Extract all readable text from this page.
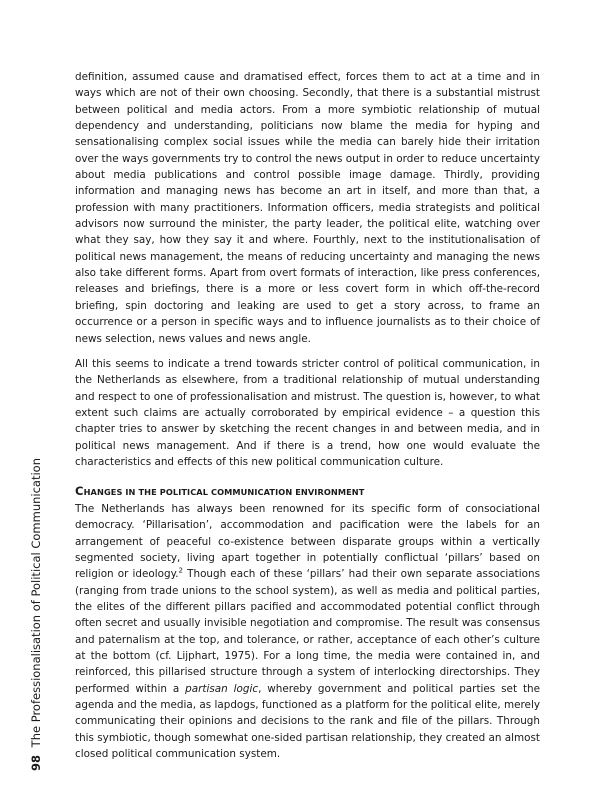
98 The Professionalisation of Political Communication

definition, assumed cause and dramatised effect, forces them to act at a time and in ways which are not of their own choosing. Secondly, that there is a substantial mistrust between political and media actors. From a more symbiotic relationship of mutual dependency and understanding, politicians now blame the media for hyping and sensationalising complex social issues while the media can barely hide their irritation over the ways governments try to control the news output in order to reduce uncertainty about media publications and control possible image damage. Thirdly, providing information and managing news has become an art in itself, and more than that, a profession with many practitioners. Information officers, media strategists and political advisors now surround the minister, the party leader, the political elite, watching over what they say, how they say it and where. Fourthly, next to the institutionalisation of political news management, the means of reducing uncertainty and managing the news also take different forms. Apart from overt formats of interaction, like press conferences, releases and briefings, there is a more or less covert form in which off-the-record briefing, spin doctoring and leaking are used to get a story across, to frame an occurrence or a person in specific ways and to influence journalists as to their choice of news selection, news values and news angle.

All this seems to indicate a trend towards stricter control of political communication, in the Netherlands as elsewhere, from a traditional relationship of mutual understanding and respect to one of professionalisation and mistrust. The question is, however, to what extent such claims are actually corroborated by empirical evidence – a question this chapter tries to answer by sketching the recent changes in and between media, and in political news management. And if there is a trend, how one would evaluate the characteristics and effects of this new political communication culture.

CHANGES IN THE POLITICAL COMMUNICATION ENVIRONMENT

The Netherlands has always been renowned for its specific form of consociational democracy. ‘Pillarisation’, accommodation and pacification were the labels for an arrangement of peaceful co-existence between disparate groups within a vertically segmented society, living apart together in potentially conflictual ‘pillars’ based on religion or ideology.$^2$ Though each of these ‘pillars’ had their own separate associations (ranging from trade unions to the school system), as well as media and political parties, the elites of the different pillars pacified and accommodated potential conflict through often secret and usually invisible negotiation and compromise. The result was consensus and paternalism at the top, and tolerance, or rather, acceptance of each other’s culture at the bottom (cf. Lijphart, 1975). For a long time, the media were contained in, and reinforced, this pillarised structure through a system of interlocking directorships. They performed within a partisan logic, whereby government and political parties set the agenda and the media, as lapdogs, functioned as a platform for the political elite, merely communicating their opinions and decisions to the rank and file of the pillars. Through this symbiotic, though somewhat one-sided partisan relationship, they created an almost closed political communication system.
